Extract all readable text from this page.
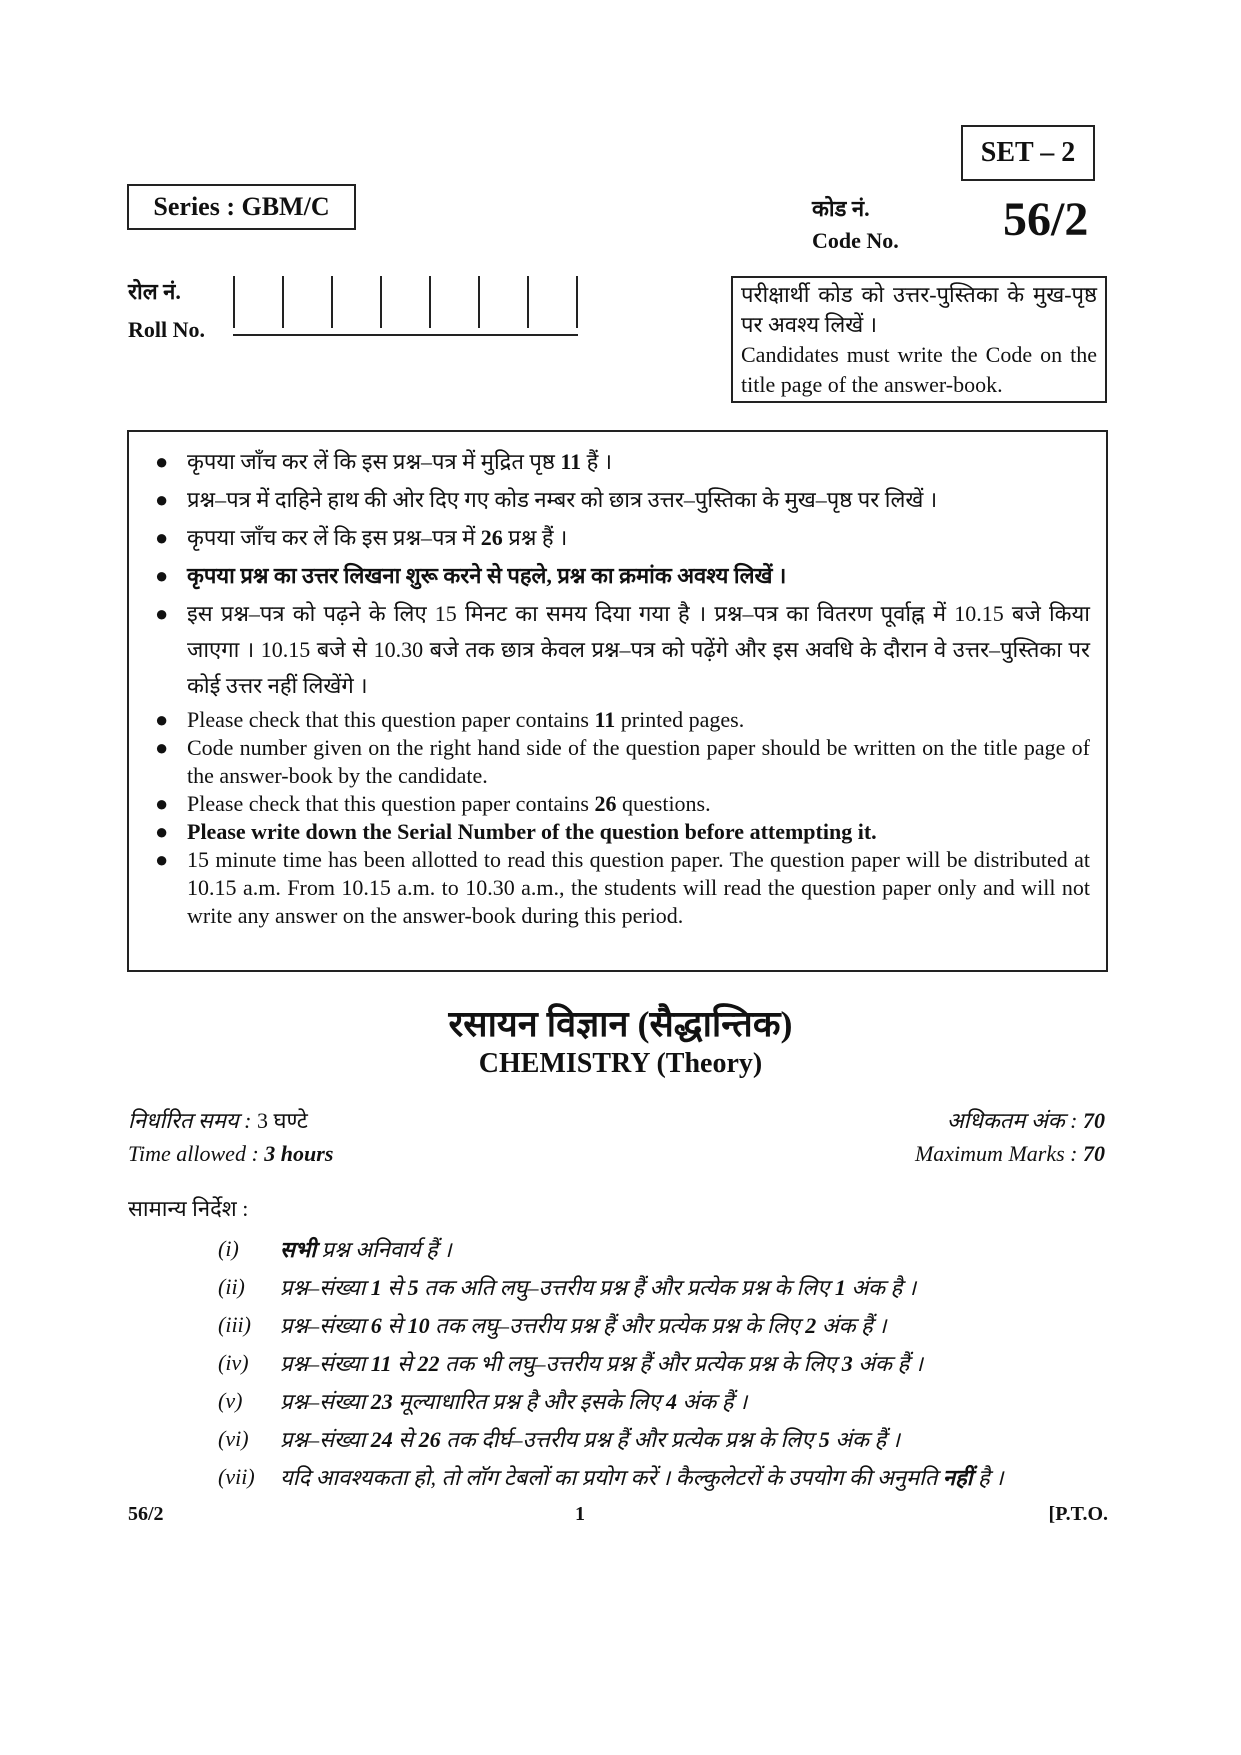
SET – 2
Series : GBM/C	कोड नं.
Code No. 56/2
रोल नं.
Roll No.
परीक्षार्थी कोड को उत्तर-पुस्तिका के मुख-पृष्ठ पर अवश्य लिखें ।
Candidates must write the Code on the title page of the answer-book.
● कृपया जाँच कर लें कि इस प्रश्न–पत्र में मुद्रित पृष्ठ 11 हैं ।
● प्रश्न–पत्र में दाहिने हाथ की ओर दिए गए कोड नम्बर को छात्र उत्तर–पुस्तिका के मुख–पृष्ठ पर लिखें ।
● कृपया जाँच कर लें कि इस प्रश्न–पत्र में 26 प्रश्न हैं ।
● कृपया प्रश्न का उत्तर लिखना शुरू करने से पहले, प्रश्न का क्रमांक अवश्य लिखें ।
● इस प्रश्न–पत्र को पढ़ने के लिए 15 मिनट का समय दिया गया है । प्रश्न–पत्र का वितरण पूर्वाह्न में 10.15 बजे किया जाएगा । 10.15 बजे से 10.30 बजे तक छात्र केवल प्रश्न–पत्र को पढ़ेंगे और इस अवधि के दौरान वे उत्तर–पुस्तिका पर कोई उत्तर नहीं लिखेंगे ।
● Please check that this question paper contains 11 printed pages.
● Code number given on the right hand side of the question paper should be written on the title page of the answer-book by the candidate.
● Please check that this question paper contains 26 questions.
● Please write down the Serial Number of the question before attempting it.
● 15 minute time has been allotted to read this question paper. The question paper will be distributed at 10.15 a.m. From 10.15 a.m. to 10.30 a.m., the students will read the question paper only and will not write any answer on the answer-book during this period.
रसायन विज्ञान (सैद्धान्तिक)
CHEMISTRY (Theory)
निर्धारित समय : 3 घण्टे
Time allowed : 3 hours
अधिकतम अंक : 70
Maximum Marks : 70
सामान्य निर्देश :
(i)	सभी प्रश्न अनिवार्य हैं ।
(ii)	प्रश्न–संख्या 1 से 5 तक अति लघु–उत्तरीय प्रश्न हैं और प्रत्येक प्रश्न के लिए 1 अंक है ।
(iii)	प्रश्न–संख्या 6 से 10 तक लघु–उत्तरीय प्रश्न हैं और प्रत्येक प्रश्न के लिए 2 अंक हैं ।
(iv)	प्रश्न–संख्या 11 से 22 तक भी लघु–उत्तरीय प्रश्न हैं और प्रत्येक प्रश्न के लिए 3 अंक हैं ।
(v)	प्रश्न–संख्या 23 मूल्याधारित प्रश्न है और इसके लिए 4 अंक हैं ।
(vi)	प्रश्न–संख्या 24 से 26 तक दीर्घ–उत्तरीय प्रश्न हैं और प्रत्येक प्रश्न के लिए 5 अंक हैं ।
(vii)	यदि आवश्यकता हो, तो लॉग टेबलों का प्रयोग करें । कैल्कुलेटरों के उपयोग की अनुमति नहीं है ।
56/2	1	[P.T.O.
